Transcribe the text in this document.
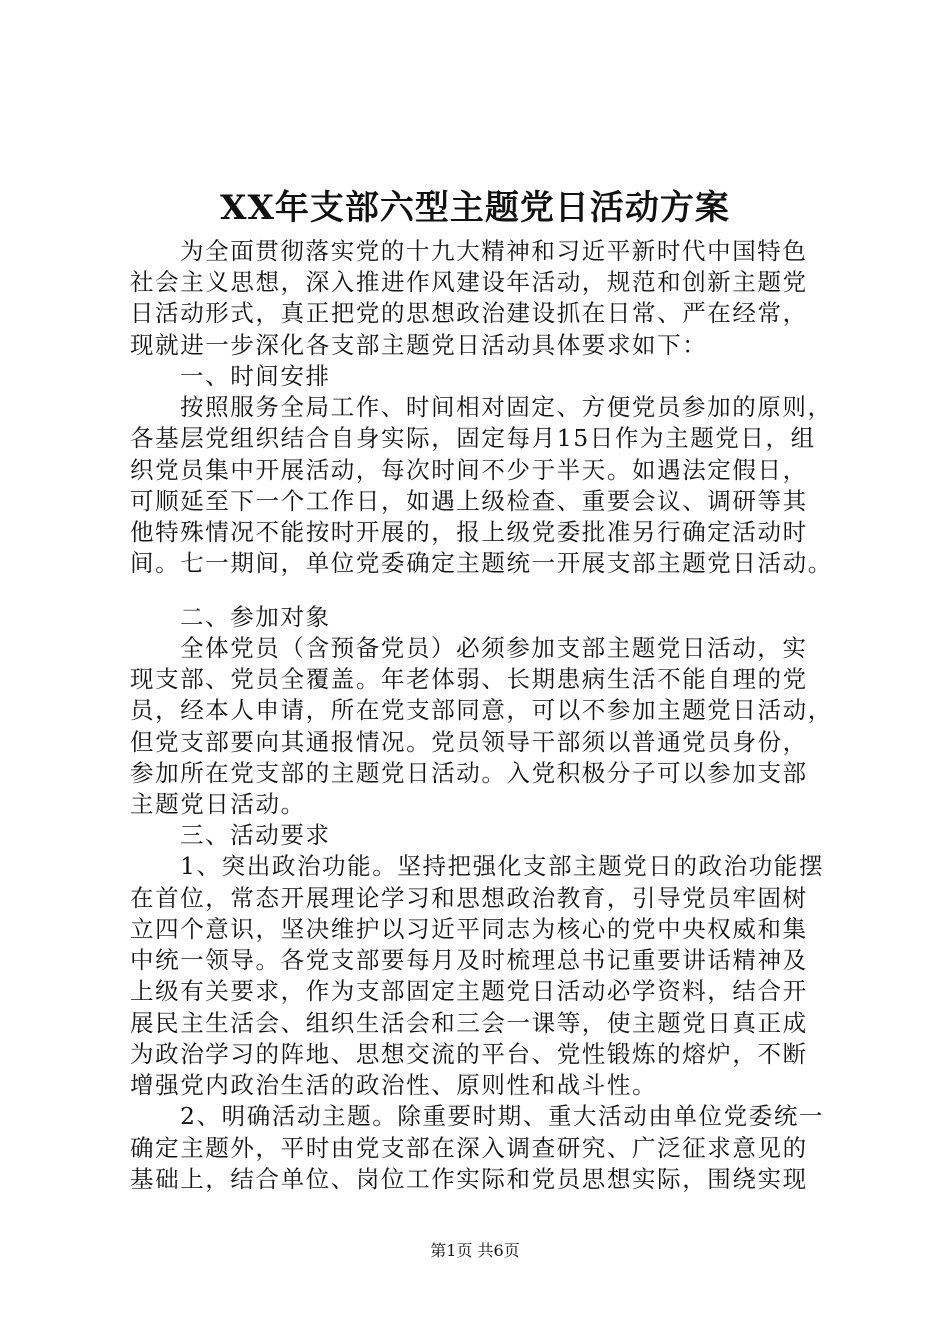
XX年支部六型主题党日活动方案
为全面贯彻落实党的十九大精神和习近平新时代中国特色
社会主义思想，深入推进作风建设年活动，规范和创新主题党
日活动形式，真正把党的思想政治建设抓在日常、严在经常，
现就进一步深化各支部主题党日活动具体要求如下：
一、时间安排
按照服务全局工作、时间相对固定、方便党员参加的原则，
各基层党组织结合自身实际，固定每月15日作为主题党日，组
织党员集中开展活动，每次时间不少于半天。如遇法定假日，
可顺延至下一个工作日，如遇上级检查、重要会议、调研等其
他特殊情况不能按时开展的，报上级党委批准另行确定活动时
间。七一期间，单位党委确定主题统一开展支部主题党日活动。
二、参加对象
全体党员（含预备党员）必须参加支部主题党日活动，实
现支部、党员全覆盖。年老体弱、长期患病生活不能自理的党
员，经本人申请，所在党支部同意，可以不参加主题党日活动，
但党支部要向其通报情况。党员领导干部须以普通党员身份，
参加所在党支部的主题党日活动。入党积极分子可以参加支部
主题党日活动。
三、活动要求
1、突出政治功能。坚持把强化支部主题党日的政治功能摆
在首位，常态开展理论学习和思想政治教育，引导党员牢固树
立四个意识，坚决维护以习近平同志为核心的党中央权威和集
中统一领导。各党支部要每月及时梳理总书记重要讲话精神及
上级有关要求，作为支部固定主题党日活动必学资料，结合开
展民主生活会、组织生活会和三会一课等，使主题党日真正成
为政治学习的阵地、思想交流的平台、党性锻炼的熔炉，不断
增强党内政治生活的政治性、原则性和战斗性。
2、明确活动主题。除重要时期、重大活动由单位党委统一
确定主题外，平时由党支部在深入调查研究、广泛征求意见的
基础上，结合单位、岗位工作实际和党员思想实际，围绕实现
第1页 共6页
